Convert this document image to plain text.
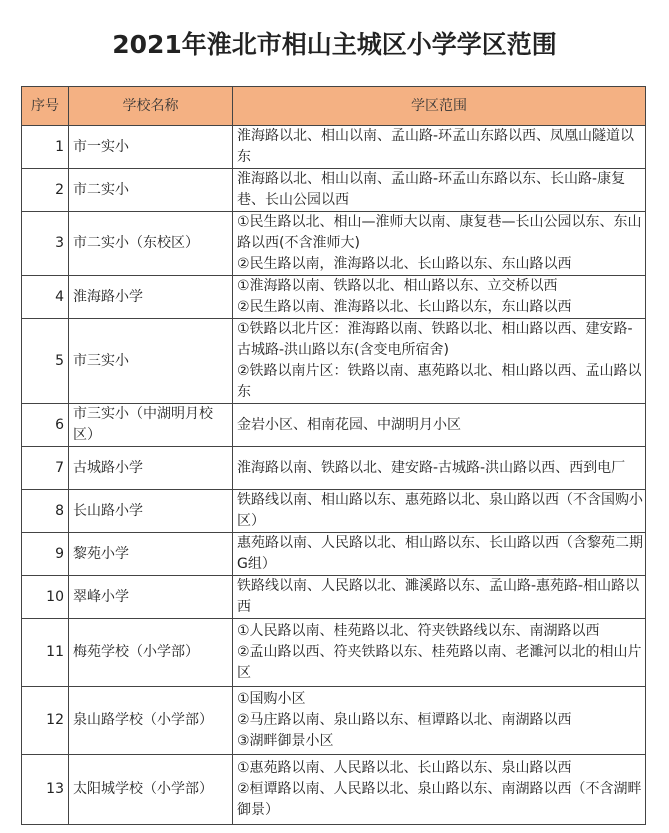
2021年淮北市相山主城区小学学区范围
序号	学校名称	学区范围
1	市一实小	淮海路以北、相山以南、孟山路-环孟山东路以西、凤凰山隧道以东

2	市二实小	淮海路以北、相山以南、孟山路-环孟山东路以东、长山路-康复巷、长山公园以西

3	市二实小（东校区）	①民生路以北、相山—淮师大以南、康复巷—长山公园以东、东山路以西(不含淮师大)
②民生路以南，淮海路以北、长山路以东、东山路以西

4	淮海路小学	①淮海路以南、铁路以北、相山路以东、立交桥以西
②民生路以南、淮海路以北、长山路以东，东山路以西

5	市三实小	①铁路以北片区：淮海路以南、铁路以北、相山路以西、建安路-古城路-洪山路以东(含变电所宿舍)
②铁路以南片区：铁路以南、惠苑路以北、相山路以西、孟山路以东

6	市三实小（中湖明月校区）	金岩小区、相南花园、中湖明月小区

7	古城路小学	淮海路以南、铁路以北、建安路-古城路-洪山路以西、西到电厂

8	长山路小学	铁路线以南、相山路以东、惠苑路以北、泉山路以西（不含国购小区）

9	黎苑小学	惠苑路以南、人民路以北、相山路以东、长山路以西（含黎苑二期G组）

10	翠峰小学	铁路线以南、人民路以北、濉溪路以东、孟山路-惠苑路-相山路以西

11	梅苑学校（小学部）	①人民路以南、桂苑路以北、符夹铁路线以东、南湖路以西
②孟山路以西、符夹铁路以东、桂苑路以南、老濉河以北的相山片区

12	泉山路学校（小学部）	①国购小区
②马庄路以南、泉山路以东、桓谭路以北、南湖路以西
③湖畔御景小区

13	太阳城学校（小学部）	①惠苑路以南、人民路以北、长山路以东、泉山路以西
②桓谭路以南、人民路以北、泉山路以东、南湖路以西（不含湖畔御景）
